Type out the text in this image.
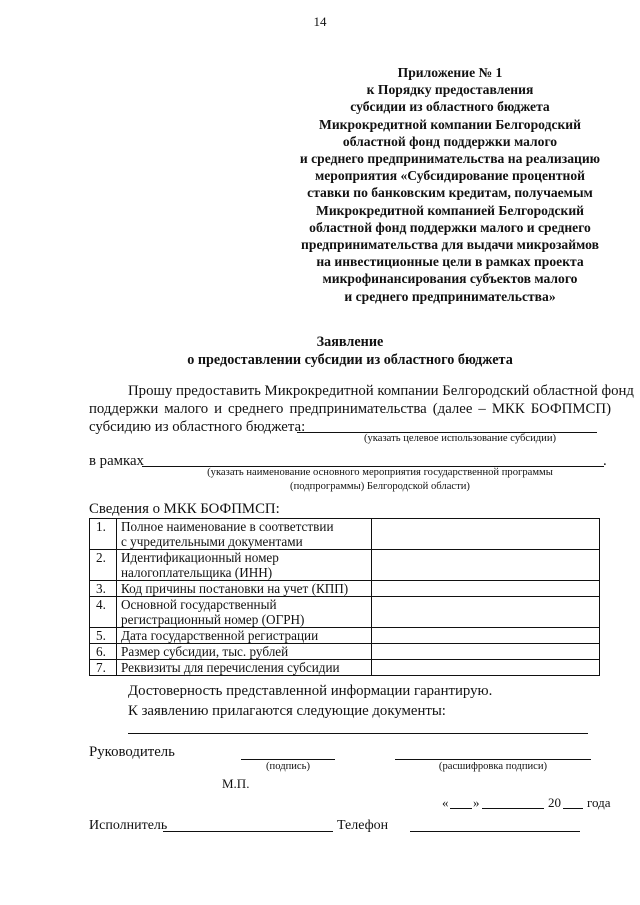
14
Приложение № 1
к Порядку предоставления
субсидии из областного бюджета
Микрокредитной компании Белгородский
областной фонд поддержки малого
и среднего предпринимательства на реализацию
мероприятия «Субсидирование процентной
ставки по банковским кредитам, получаемым
Микрокредитной компанией Белгородский
областной фонд поддержки малого и среднего
предпринимательства для выдачи микрозаймов
на инвестиционные цели в рамках проекта
микрофинансирования субъектов малого
и среднего предпринимательства»
Заявление
о предоставлении субсидии из областного бюджета
Прошу предоставить Микрокредитной компании Белгородский областной фонд
поддержки малого и среднего предпринимательства (далее – МКК БОФПМСП)
субсидию из областного бюджета:
(указать целевое использование субсидии)
в рамках	.
(указать наименование основного мероприятия государственной программы
(подпрограммы) Белгородской области)
Сведения о МКК БОФПМСП:
1.	Полное наименование в соответствии
с учредительными документами	

2.	Идентификационный номер
налогоплательщика (ИНН)	

3.	Код причины постановки на учет (КПП)	

4.	Основной государственный
регистрационный номер (ОГРН)	

5.	Дата государственной регистрации	

6.	Размер субсидии, тыс. рублей	

7.	Реквизиты для перечисления субсидии	

Достоверность представленной информации гарантирую.
К заявлению прилагаются следующие документы:
Руководитель
(подпись)	(расшифровка подписи)
М.П.
« »	20 года
Исполнитель	Телефон
